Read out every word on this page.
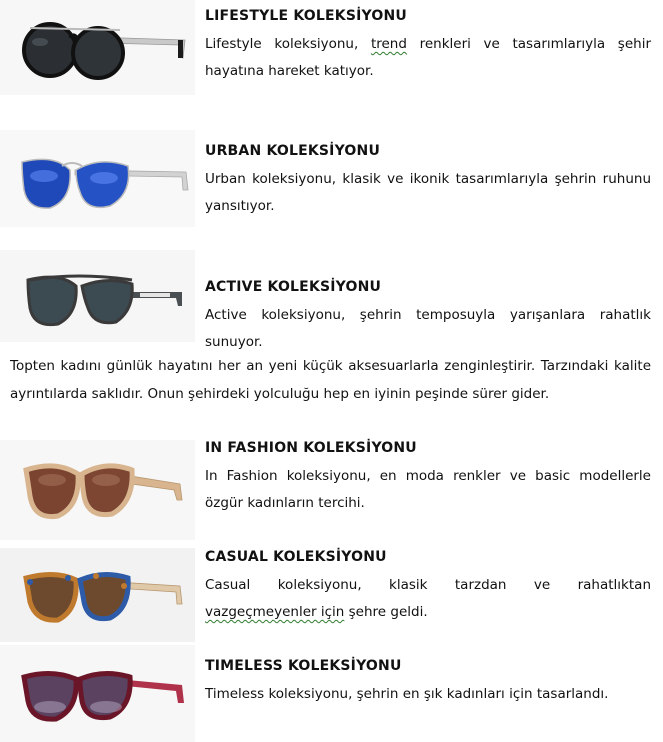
LIFESTYLE KOLEKSİYONU

Lifestyle koleksiyonu, trend renkleri ve tasarımlarıyla şehir hayatına hareket katıyor.

URBAN KOLEKSİYONU

Urban koleksiyonu, klasik ve ikonik tasarımlarıyla şehrin ruhunu yansıtıyor.

ACTIVE KOLEKSİYONU

Active koleksiyonu, şehrin temposuyla yarışanlara rahatlık sunuyor.

Topten kadını günlük hayatını her an yeni küçük aksesuarlarla zenginleştirir. Tarzındaki kalite ayrıntılarda saklıdır. Onun şehirdeki yolculuğu hep en iyinin peşinde sürer gider.

IN FASHION KOLEKSİYONU

In Fashion koleksiyonu, en moda renkler ve basic modellerle özgür kadınların tercihi.

CASUAL KOLEKSİYONU

Casual koleksiyonu, klasik tarzdan ve rahatlıktan vazgeçmeyenler için şehre geldi.

TIMELESS KOLEKSİYONU

Timeless koleksiyonu, şehrin en şık kadınları için tasarlandı.
